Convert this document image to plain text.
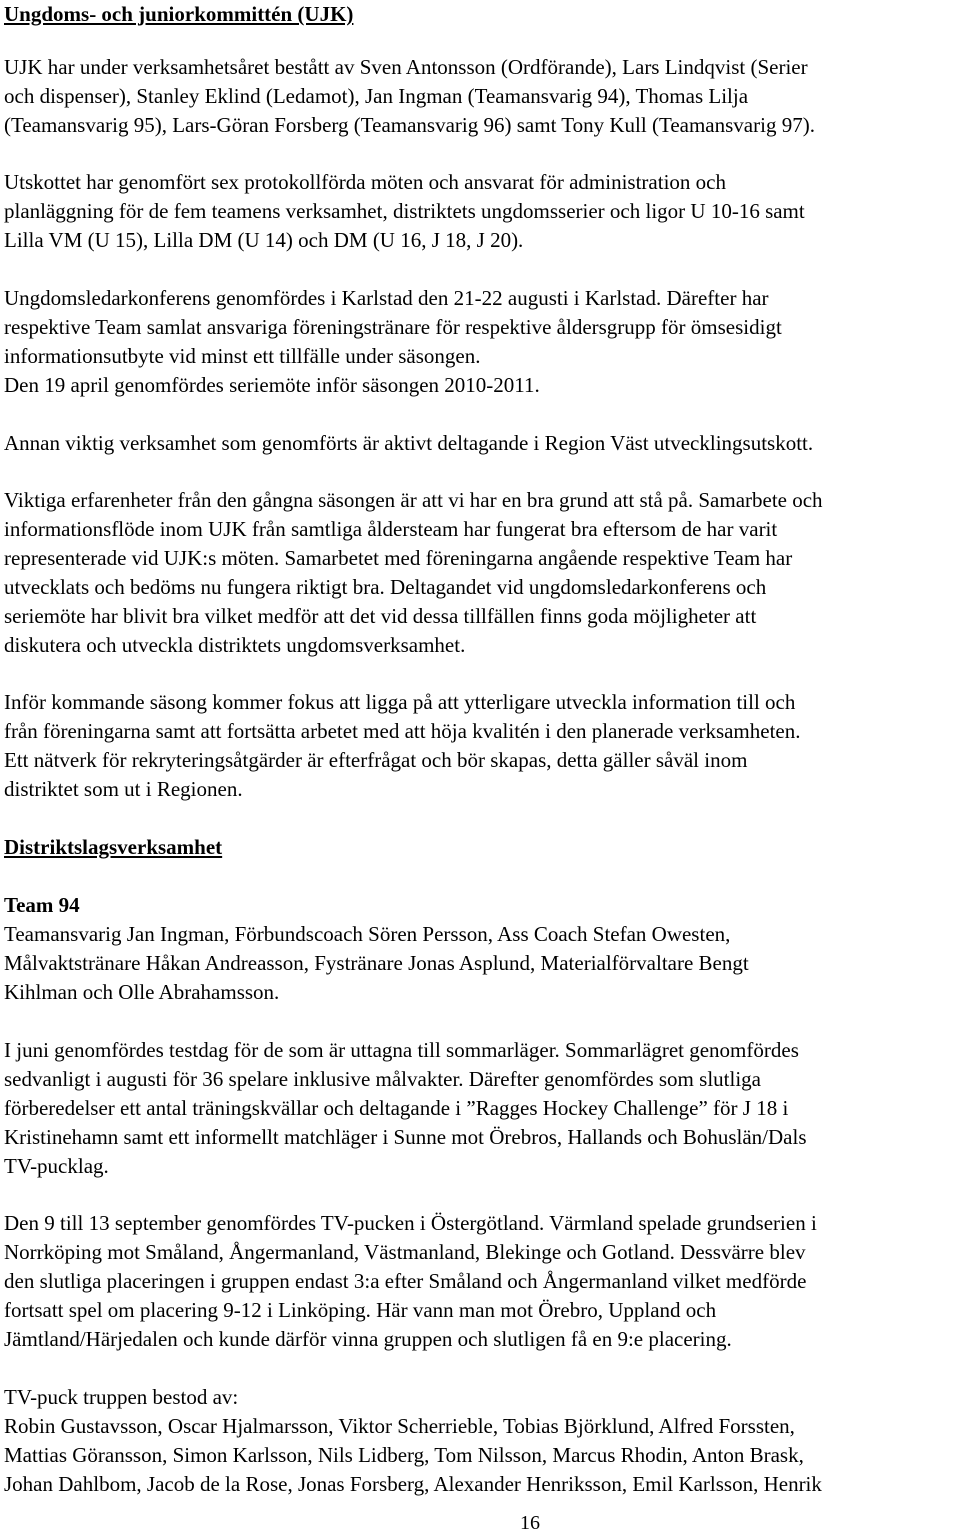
Ungdoms- och juniorkommittén (UJK)
UJK har under verksamhetsåret bestått av Sven Antonsson (Ordförande), Lars Lindqvist (Serier
och dispenser), Stanley Eklind (Ledamot), Jan Ingman (Teamansvarig 94), Thomas Lilja
(Teamansvarig 95), Lars-Göran Forsberg (Teamansvarig 96) samt Tony Kull (Teamansvarig 97).
Utskottet har genomfört sex protokollförda möten och ansvarat för administration och
planläggning för de fem teamens verksamhet, distriktets ungdomsserier och ligor U 10-16 samt
Lilla VM (U 15), Lilla DM (U 14) och DM (U 16, J 18, J 20).
Ungdomsledarkonferens genomfördes i Karlstad den 21-22 augusti i Karlstad. Därefter har
respektive Team samlat ansvariga föreningstränare för respektive åldersgrupp för ömsesidigt
informationsutbyte vid minst ett tillfälle under säsongen.
Den 19 april genomfördes seriemöte inför säsongen 2010-2011.
Annan viktig verksamhet som genomförts är aktivt deltagande i Region Väst utvecklingsutskott.
Viktiga erfarenheter från den gångna säsongen är att vi har en bra grund att stå på. Samarbete och
informationsflöde inom UJK från samtliga åldersteam har fungerat bra eftersom de har varit
representerade vid UJK:s möten. Samarbetet med föreningarna angående respektive Team har
utvecklats och bedöms nu fungera riktigt bra. Deltagandet vid ungdomsledarkonferens och
seriemöte har blivit bra vilket medför att det vid dessa tillfällen finns goda möjligheter att
diskutera och utveckla distriktets ungdomsverksamhet.
Inför kommande säsong kommer fokus att ligga på att ytterligare utveckla information till och
från föreningarna samt att fortsätta arbetet med att höja kvalitén i den planerade verksamheten.
Ett nätverk för rekryteringsåtgärder är efterfrågat och bör skapas, detta gäller såväl inom
distriktet som ut i Regionen.
Distriktslagsverksamhet
Team 94
Teamansvarig Jan Ingman, Förbundscoach Sören Persson, Ass Coach Stefan Owesten,
Målvaktstränare Håkan Andreasson, Fystränare Jonas Asplund, Materialförvaltare Bengt
Kihlman och Olle Abrahamsson.
I juni genomfördes testdag för de som är uttagna till sommarläger. Sommarlägret genomfördes
sedvanligt i augusti för 36 spelare inklusive målvakter. Därefter genomfördes som slutliga
förberedelser ett antal träningskvällar och deltagande i ”Ragges Hockey Challenge” för J 18 i
Kristinehamn samt ett informellt matchläger i Sunne mot Örebros, Hallands och Bohuslän/Dals
TV-pucklag.
Den 9 till 13 september genomfördes TV-pucken i Östergötland. Värmland spelade grundserien i
Norrköping mot Småland, Ångermanland, Västmanland, Blekinge och Gotland. Dessvärre blev
den slutliga placeringen i gruppen endast 3:a efter Småland och Ångermanland vilket medförde
fortsatt spel om placering 9-12 i Linköping. Här vann man mot Örebro, Uppland och
Jämtland/Härjedalen och kunde därför vinna gruppen och slutligen få en 9:e placering.
TV-puck truppen bestod av:
Robin Gustavsson, Oscar Hjalmarsson, Viktor Scherrieble, Tobias Björklund, Alfred Forssten,
Mattias Göransson, Simon Karlsson, Nils Lidberg, Tom Nilsson, Marcus Rhodin, Anton Brask,
Johan Dahlbom, Jacob de la Rose, Jonas Forsberg, Alexander Henriksson, Emil Karlsson, Henrik
16
